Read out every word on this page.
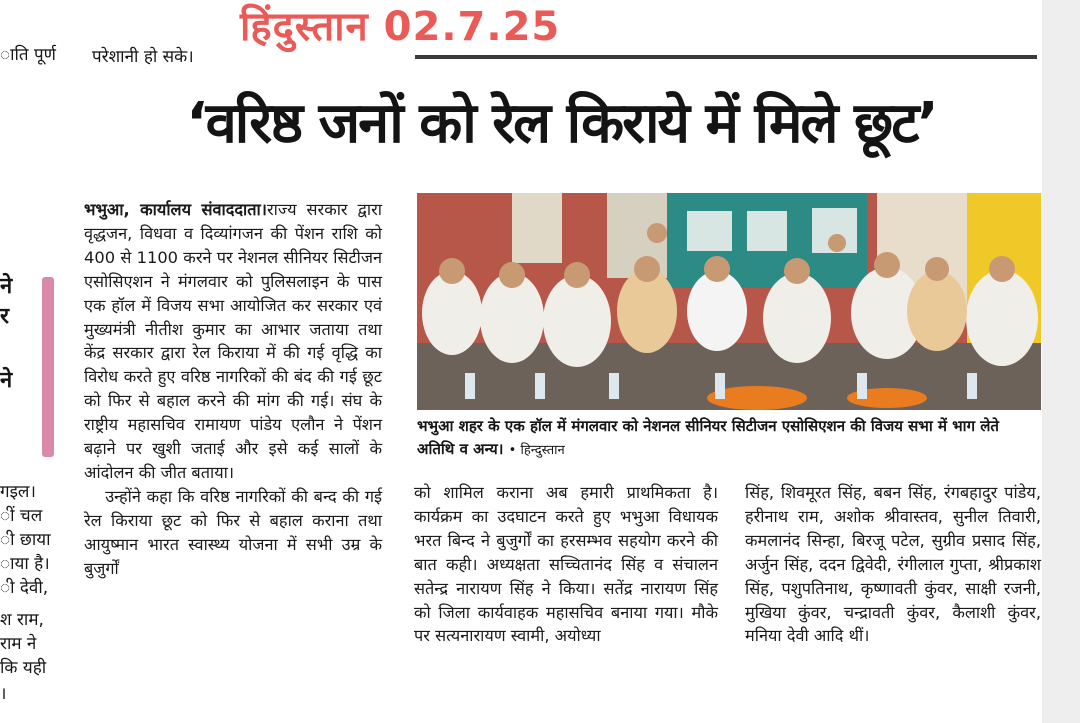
ाति पूर्ण
ने
र
ने
गइल।
ीं चल
ी छाया
ाया है।
ी देवी,
श राम,
राम ने
कि यही
।
हिंदुस्तान 02.7.25
परेशानी हो सके।
‘वरिष्ठ जनों को रेल किराये में मिले छूट’

भभुआ, कार्यालय संवाददाता।राज्य सरकार द्वारा वृद्धजन, विधवा व दिव्यांगजन की पेंशन राशि को 400 से 1100 करने पर नेशनल सीनियर सिटीजन एसोसिएशन ने मंगलवार को पुलिसलाइन के पास एक हॉल में विजय सभा आयोजित कर सरकार एवं मुख्यमंत्री नीतीश कुमार का आभार जताया तथा केंद्र सरकार द्वारा रेल किराया में की गई वृद्धि का विरोध करते हुए वरिष्ठ नागरिकों की बंद की गई छूट को फिर से बहाल करने की मांग की गई। संघ के राष्ट्रीय महासचिव रामायण पांडेय एलौन ने पेंशन बढ़ाने पर खुशी जताई और इसे कई सालों के आंदोलन की जीत बताया।

उन्होंने कहा कि वरिष्ठ नागरिकों की बन्द की गई रेल किराया छूट को फिर से बहाल कराना तथा आयुष्मान भारत स्वास्थ्य योजना में सभी उम्र के बुजुर्गों

भभुआ शहर के एक हॉल में मंगलवार को नेशनल सीनियर सिटीजन एसोसिएशन की विजय सभा में भाग लेते अतिथि व अन्य। • हिन्दुस्तान

को शामिल कराना अब हमारी प्राथमिकता है। कार्यक्रम का उदघाटन करते हुए भभुआ विधायक भरत बिन्द ने बुजुर्गों का हरसम्भव सहयोग करने की बात कही। अध्यक्षता सच्चितानंद सिंह व संचालन सतेन्द्र नारायण सिंह ने किया। सतेंद्र नारायण सिंह को जिला कार्यवाहक महासचिव बनाया गया। मौके पर सत्यनारायण स्वामी, अयोध्या

सिंह, शिवमूरत सिंह, बबन सिंह, रंगबहादुर पांडेय, हरीनाथ राम, अशोक श्रीवास्तव, सुनील तिवारी, कमलानंद सिन्हा, बिरजू पटेल, सुग्रीव प्रसाद सिंह, अर्जुन सिंह, ददन द्विवेदी, रंगीलाल गुप्ता, श्रीप्रकाश सिंह, पशुपतिनाथ, कृष्णावती कुंवर, साक्षी रजनी, मुखिया कुंवर, चन्द्रावती कुंवर, कैलाशी कुंवर, मनिया देवी आदि थीं।
